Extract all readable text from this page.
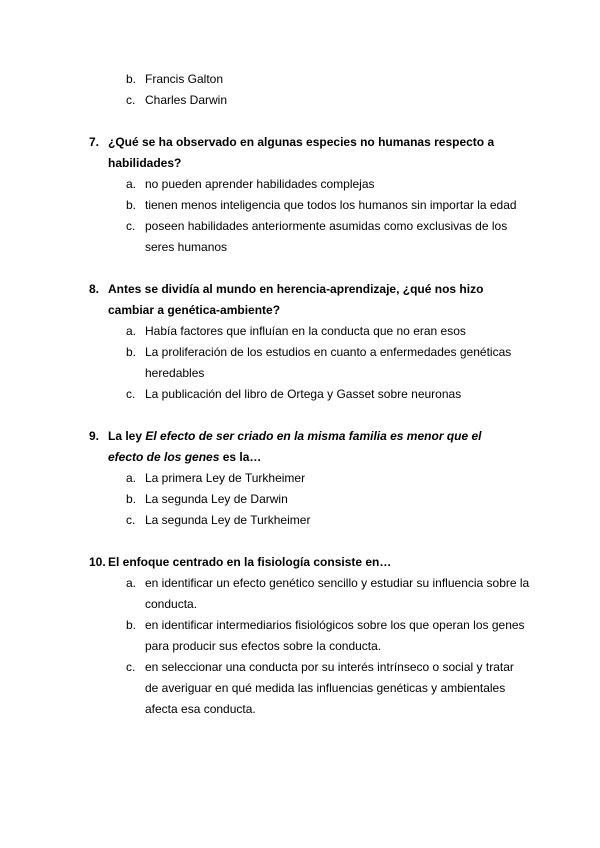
b. Francis Galton
c. Charles Darwin
7. ¿Qué se ha observado en algunas especies no humanas respecto a habilidades?
a. no pueden aprender habilidades complejas
b. tienen menos inteligencia que todos los humanos sin importar la edad
c. poseen habilidades anteriormente asumidas como exclusivas de los seres humanos
8. Antes se dividía al mundo en herencia-aprendizaje, ¿qué nos hizo cambiar a genética-ambiente?
a. Había factores que influían en la conducta que no eran esos
b. La proliferación de los estudios en cuanto a enfermedades genéticas heredables
c. La publicación del libro de Ortega y Gasset sobre neuronas
9. La ley El efecto de ser criado en la misma familia es menor que el efecto de los genes es la…
a. La primera Ley de Turkheimer
b. La segunda Ley de Darwin
c. La segunda Ley de Turkheimer
10. El enfoque centrado en la fisiología consiste en…
a. en identificar un efecto genético sencillo y estudiar su influencia sobre la conducta.
b. en identificar intermediarios fisiológicos sobre los que operan los genes para producir sus efectos sobre la conducta.
c. en seleccionar una conducta por su interés intrínseco o social y tratar de averiguar en qué medida las influencias genéticas y ambientales afecta esa conducta.
